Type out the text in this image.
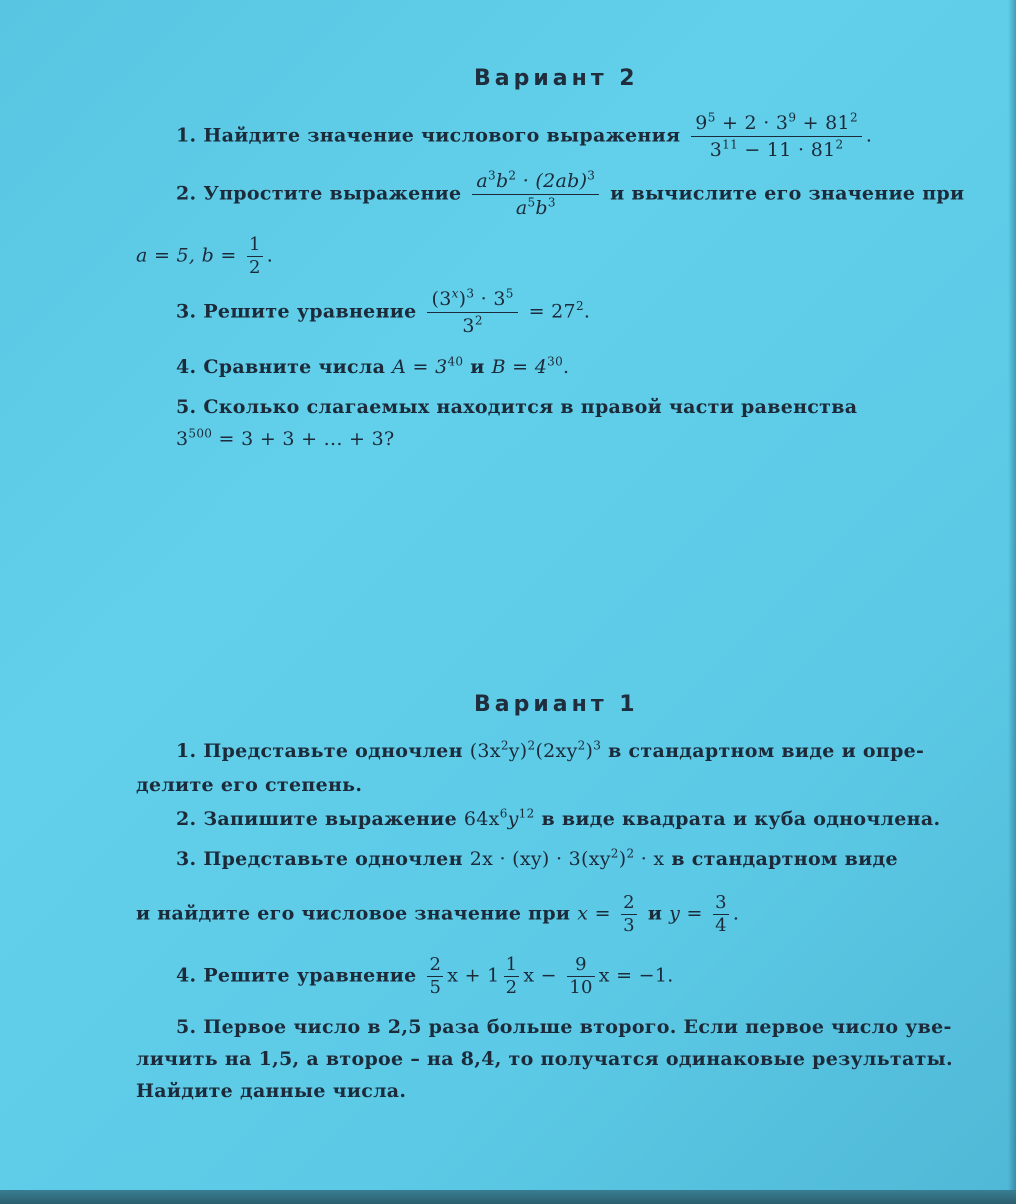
Вариант 2
1. Найдите значение числового выражения $\frac{9^5 + 2 \cdot 3^9 + 81^2}{3^{11} - 11 \cdot 81^2}$ .
2. Упростите выражение $\frac{a^3b^2 \cdot (2ab)^3}{a^5b^3}$ и вычислите его значение при
a = 5, $b = \frac{1}{2}$ .
3. Решите уравнение $\frac{(3^x)^3 \cdot 3^5}{3^2} = 27^2$.
4. Сравните числа $A = 3^{40}$ и $B = 4^{30}$.
5. Сколько слагаемых находится в правой части равенства
$3^{500} = 3 + 3$ + ... + 3?
Вариант 1
1. Представьте одночлен $(3x^2y)^2(2xy^2)^3$ в стандартном виде и опре-
делите его степень.
2. Запишите выражение $64x^6y^{12}$ в виде квадрата и куба одночлена.
3. Представьте одночлен $2x \cdot (xy) \cdot 3(xy^2)^2 \cdot x$ в стандартном виде
и найдите его числовое значение при $x = \frac{2}{3}$ и $y = \frac{3}{4}$ .
4. Решите уравнение $\frac{2}{5}$ $x + 1 \frac{1}{2}$ $x - \frac{9}{10}$ x = −1.
5. Первое число в 2,5 раза больше второго. Если первое число уве-
личить на 1,5, а второе – на 8,4, то получатся одинаковые результаты.
Найдите данные числа.
